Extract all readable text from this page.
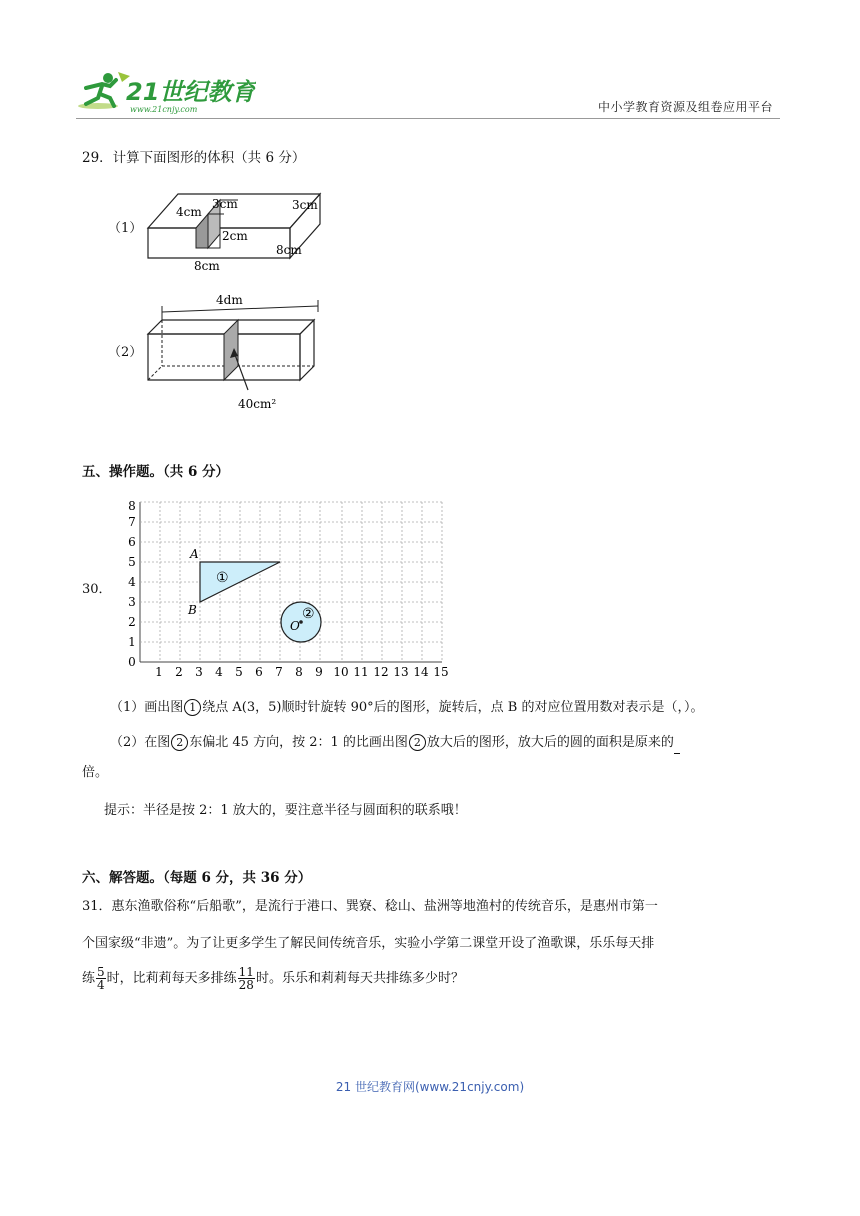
21世纪教育
www.21cnjy.com	中小学教育资源及组卷应用平台
29．计算下面图形的体积（共 6 分）
（1）
4cm
3cm	3cm
2cm
8cm
8cm
（2）
4dm
40cm²
五、操作题。（共 6 分）
30．
1 2 3 4 5 6 7 8 9 10 11 12 13 14 15
0
1
2
3
4
5
6
7
8
A
B
①
O
②
（1）画出图 1 绕点 A(3，5)顺时针旋转 90°后的图形，旋转后，点 B 的对应位置用数对表示是（，）。
（2）在图 2 东偏北 45 方向，按 2：1 的比画出图 2 放大后的图形，放大后的圆的面积是原来的
倍。
提示：半径是按 2：1 放大的，要注意半径与圆面积的联系哦！
六、解答题。（每题 6 分，共 36 分）
31．惠东渔歌俗称“后船歌”，是流行于港口、巽寮、稔山、盐洲等地渔村的传统音乐，是惠州市第一
个国家级“非遗”。为了让更多学生了解民间传统音乐，实验小学第二课堂开设了渔歌课，乐乐每天排
练 $\frac{5}{4}$ 时，比莉莉每天多排练 $\frac{11}{28}$ 时。乐乐和莉莉每天共排练多少时？
21 世纪教育网(www.21cnjy.com)
